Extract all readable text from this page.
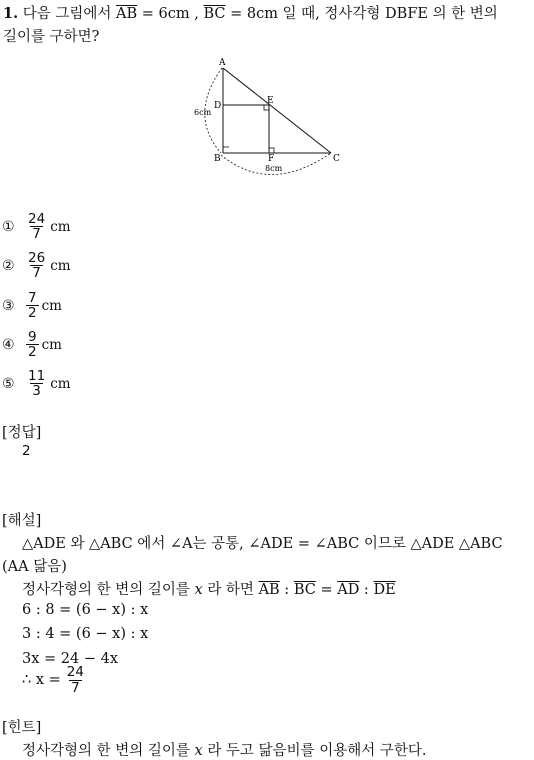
1. 다음 그림에서 $\overline{AB} = 6cm$ , $\overline{BC} = 8cm$ 일 때, 정사각형 DBFE 의 한 변의
길이를 구하면?
A
D	E
B	F	C
6cm
8cm
① $\frac{24}{7}$ cm
② $\frac{26}{7}$ cm
③ $\frac{7}{2}$ cm
④ $\frac{9}{2}$ cm
⑤ $\frac{11}{3}$ cm
[정답]
2
[해설]
△ADE 와 △ABC 에서 ∠A는 공통, ∠ADE = ∠ABC 이므로 △ADE △ABC
(AA 닮음)
정사각형의 한 변의 길이를 x 라 하면 $\overline{AB}$ : $\overline{BC} = \overline{AD}$ : $\overline{DE}$
6 : 8 = (6 − x) : x
3 : 4 = (6 − x) : x
3x = 24 − 4x
∴ $x = \frac{24}{7}$
[힌트]
정사각형의 한 변의 길이를 x 라 두고 닮음비를 이용해서 구한다.
